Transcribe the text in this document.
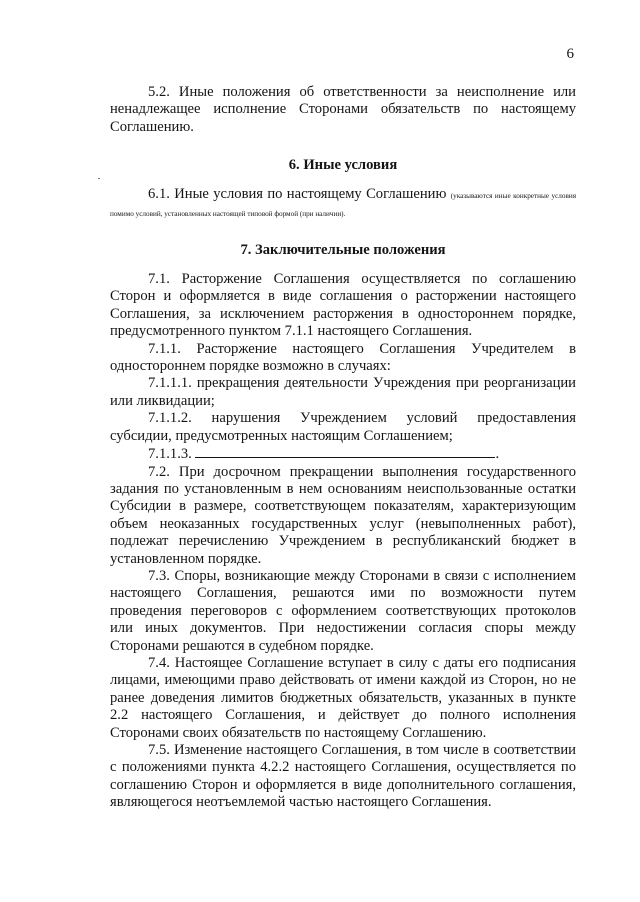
6

5.2. Иные положения об ответственности за неисполнение или ненадлежащее исполнение Сторонами обязательств по настоящему Соглашению.

6. Иные условия

6.1. Иные условия по настоящему Соглашению (указываются иные конкретные условия помимо условий, установленных настоящей типовой формой (при наличии).

7. Заключительные положения

7.1. Расторжение Соглашения осуществляется по соглашению Сторон и оформляется в виде соглашения о расторжении настоящего Соглашения, за исключением расторжения в одностороннем порядке, предусмотренного пунктом 7.1.1 настоящего Соглашения.

7.1.1. Расторжение настоящего Соглашения Учредителем в одностороннем порядке возможно в случаях:

7.1.1.1. прекращения деятельности Учреждения при реорганизации или ликвидации;

7.1.1.2. нарушения Учреждением условий предоставления субсидии, предусмотренных настоящим Соглашением;

7.1.1.3.	.

7.2. При досрочном прекращении выполнения государственного задания по установленным в нем основаниям неиспользованные остатки Субсидии в размере, соответствующем показателям, характеризующим объем неоказанных государственных услуг (невыполненных работ), подлежат перечислению Учреждением в республиканский бюджет в установленном порядке.

7.3. Споры, возникающие между Сторонами в связи с исполнением настоящего Соглашения, решаются ими по возможности путем проведения переговоров с оформлением соответствующих протоколов или иных документов. При недостижении согласия споры между Сторонами решаются в судебном порядке.

7.4. Настоящее Соглашение вступает в силу с даты его подписания лицами, имеющими право действовать от имени каждой из Сторон, но не ранее доведения лимитов бюджетных обязательств, указанных в пункте 2.2 настоящего Соглашения, и действует до полного исполнения Сторонами своих обязательств по настоящему Соглашению.

7.5. Изменение настоящего Соглашения, в том числе в соответствии с положениями пункта 4.2.2 настоящего Соглашения, осуществляется по соглашению Сторон и оформляется в виде дополнительного соглашения, являющегося неотъемлемой частью настоящего Соглашения.
